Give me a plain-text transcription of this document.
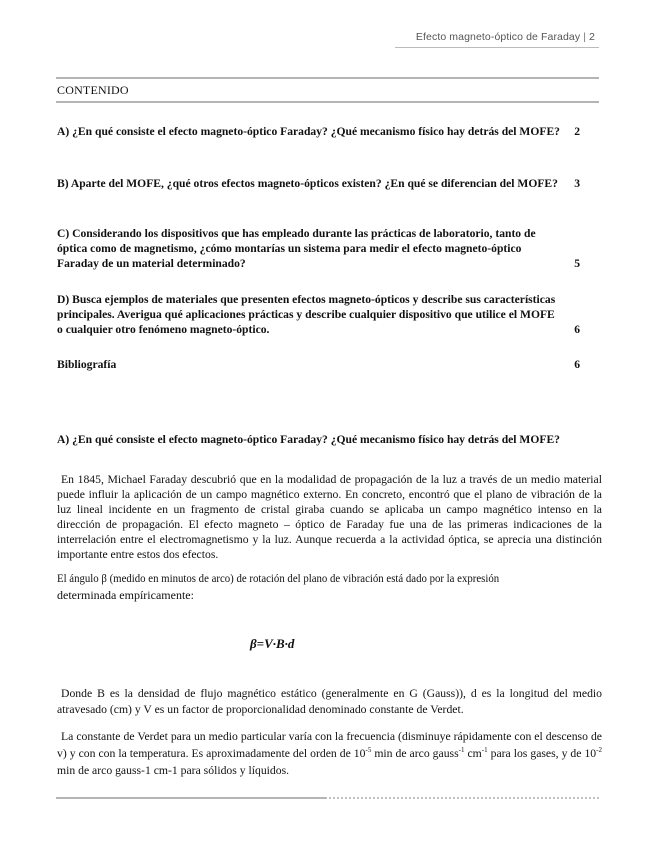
Efecto magneto-óptico de Faraday | 2
CONTENIDO
A) ¿En qué consiste el efecto magneto-óptico Faraday? ¿Qué mecanismo físico hay detrás del MOFE?	2
B) Aparte del MOFE, ¿qué otros efectos magneto-ópticos existen? ¿En qué se diferencian del MOFE?	3
C) Considerando los dispositivos que has empleado durante las prácticas de laboratorio, tanto de óptica como de magnetismo, ¿cómo montarías un sistema para medir el efecto magneto-óptico Faraday de un material determinado?	5
D) Busca ejemplos de materiales que presenten efectos magneto-ópticos y describe sus características principales. Averigua qué aplicaciones prácticas y describe cualquier dispositivo que utilice el MOFE o cualquier otro fenómeno magneto-óptico.	6
Bibliografía	6
A) ¿En qué consiste el efecto magneto-óptico Faraday? ¿Qué mecanismo físico hay detrás del MOFE?
En 1845, Michael Faraday descubrió que en la modalidad de propagación de la luz a través de un medio material puede influir la aplicación de un campo magnético externo. En concreto, encontró que el plano de vibración de la luz lineal incidente en un fragmento de cristal giraba cuando se aplicaba un campo magnético intenso en la dirección de propagación. El efecto magneto – óptico de Faraday fue una de las primeras indicaciones de la interrelación entre el electromagnetismo y la luz. Aunque recuerda a la actividad óptica, se aprecia una distinción importante entre estos dos efectos.
El ángulo β (medido en minutos de arco) de rotación del plano de vibración está dado por la expresión
determinada empíricamente:
β=V·B·d
Donde B es la densidad de flujo magnético estático (generalmente en G (Gauss)), d es la longitud del medio atravesado (cm) y V es un factor de proporcionalidad denominado constante de Verdet.
La constante de Verdet para un medio particular varía con la frecuencia (disminuye rápidamente con el descenso de v) y con con la temperatura. Es aproximadamente del orden de $10^{-5}$ min de arco gauss$^{-1}$ $cm^{-1}$ para los gases, y de $10^{-2}$ min de arco gauss-1 cm-1 para sólidos y líquidos.
